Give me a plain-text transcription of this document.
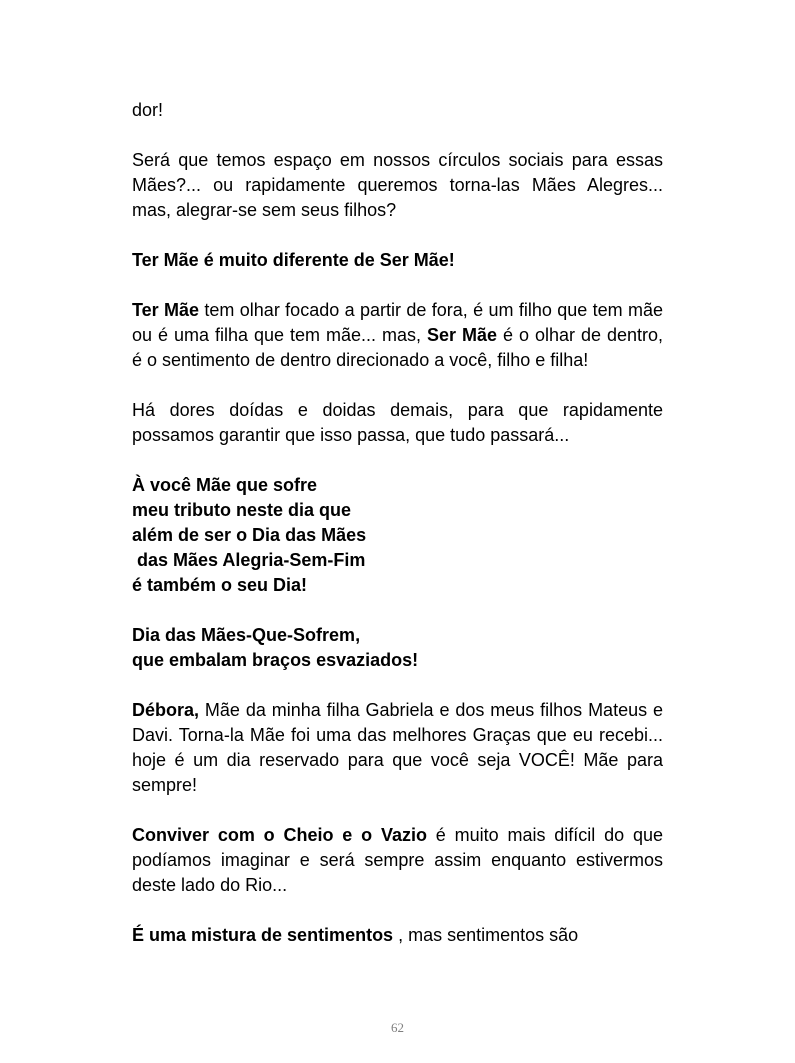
dor!

Será que temos espaço em nossos círculos sociais para essas Mães?... ou rapidamente queremos torna-las Mães Alegres... mas, alegrar-se sem seus filhos?

Ter Mãe é muito diferente de Ser Mãe!

Ter Mãe tem olhar focado a partir de fora, é um filho que tem mãe ou é uma filha que tem mãe... mas, Ser Mãe é o olhar de dentro, é o sentimento de dentro direcionado a você, filho e filha!

Há dores doídas e doidas demais, para que rapidamente possamos garantir que isso passa, que tudo passará...

À você Mãe que sofre
meu tributo neste dia que
além de ser o Dia das Mães
das Mães Alegria-Sem-Fim
é também o seu Dia!

Dia das Mães-Que-Sofrem,
que embalam braços esvaziados!

Débora, Mãe da minha filha Gabriela e dos meus filhos Mateus e Davi. Torna-la Mãe foi uma das melhores Graças que eu recebi... hoje é um dia reservado para que você seja VOCÊ! Mãe para sempre!

Conviver com o Cheio e o Vazio é muito mais difícil do que podíamos imaginar e será sempre assim enquanto estivermos deste lado do Rio...

É uma mistura de sentimentos , mas sentimentos são

62
